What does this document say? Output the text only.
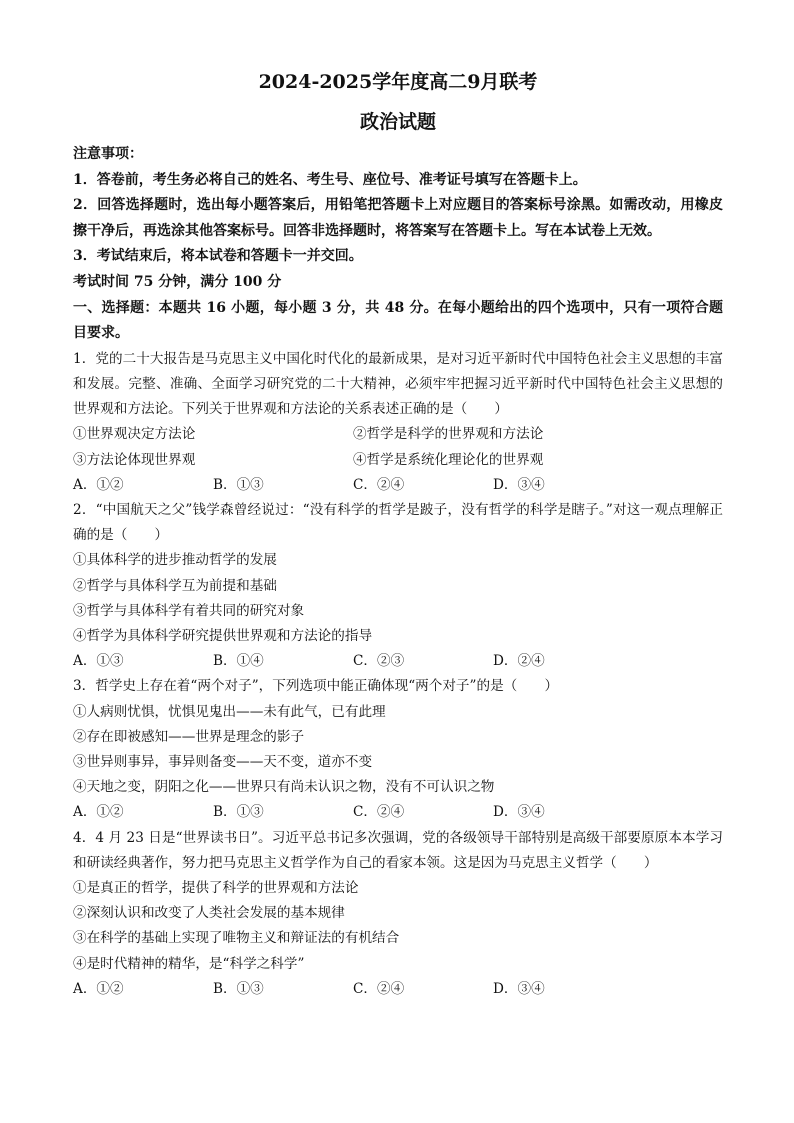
2024-2025学年度高二9月联考
政治试题
注意事项：
1．答卷前，考生务必将自己的姓名、考生号、座位号、准考证号填写在答题卡上。
2．回答选择题时，选出每小题答案后，用铅笔把答题卡上对应题目的答案标号涂黑。如需改动，用橡皮擦干净后，再选涂其他答案标号。回答非选择题时，将答案写在答题卡上。写在本试卷上无效。
3．考试结束后，将本试卷和答题卡一并交回。
考试时间 75 分钟，满分 100 分
一、选择题：本题共 16 小题，每小题 3 分，共 48 分。在每小题给出的四个选项中，只有一项符合题目要求。
1．党的二十大报告是马克思主义中国化时代化的最新成果，是对习近平新时代中国特色社会主义思想的丰富和发展。完整、准确、全面学习研究党的二十大精神，必须牢牢把握习近平新时代中国特色社会主义思想的世界观和方法论。下列关于世界观和方法论的关系表述正确的是（　　）
①世界观决定方法论	②哲学是科学的世界观和方法论
③方法论体现世界观	④哲学是系统化理论化的世界观
A．①②	B．①③	C．②④	D．③④
2．“中国航天之父”钱学森曾经说过：“没有科学的哲学是跛子，没有哲学的科学是瞎子。”对这一观点理解正确的是（　　）
①具体科学的进步推动哲学的发展
②哲学与具体科学互为前提和基础
③哲学与具体科学有着共同的研究对象
④哲学为具体科学研究提供世界观和方法论的指导
A．①③	B．①④	C．②③	D．②④
3．哲学史上存在着“两个对子”，下列选项中能正确体现“两个对子”的是（　　）
①人病则忧惧，忧惧见鬼出——未有此气，已有此理
②存在即被感知——世界是理念的影子
③世异则事异，事异则备变——天不变，道亦不变
④天地之变，阴阳之化——世界只有尚未认识之物，没有不可认识之物
A．①②	B．①③	C．②④	D．③④
4．4 月 23 日是“世界读书日”。习近平总书记多次强调，党的各级领导干部特别是高级干部要原原本本学习和研读经典著作，努力把马克思主义哲学作为自己的看家本领。这是因为马克思主义哲学（　　）
①是真正的哲学，提供了科学的世界观和方法论
②深刻认识和改变了人类社会发展的基本规律
③在科学的基础上实现了唯物主义和辩证法的有机结合
④是时代精神的精华，是“科学之科学”
A．①②	B．①③	C．②④	D．③④
